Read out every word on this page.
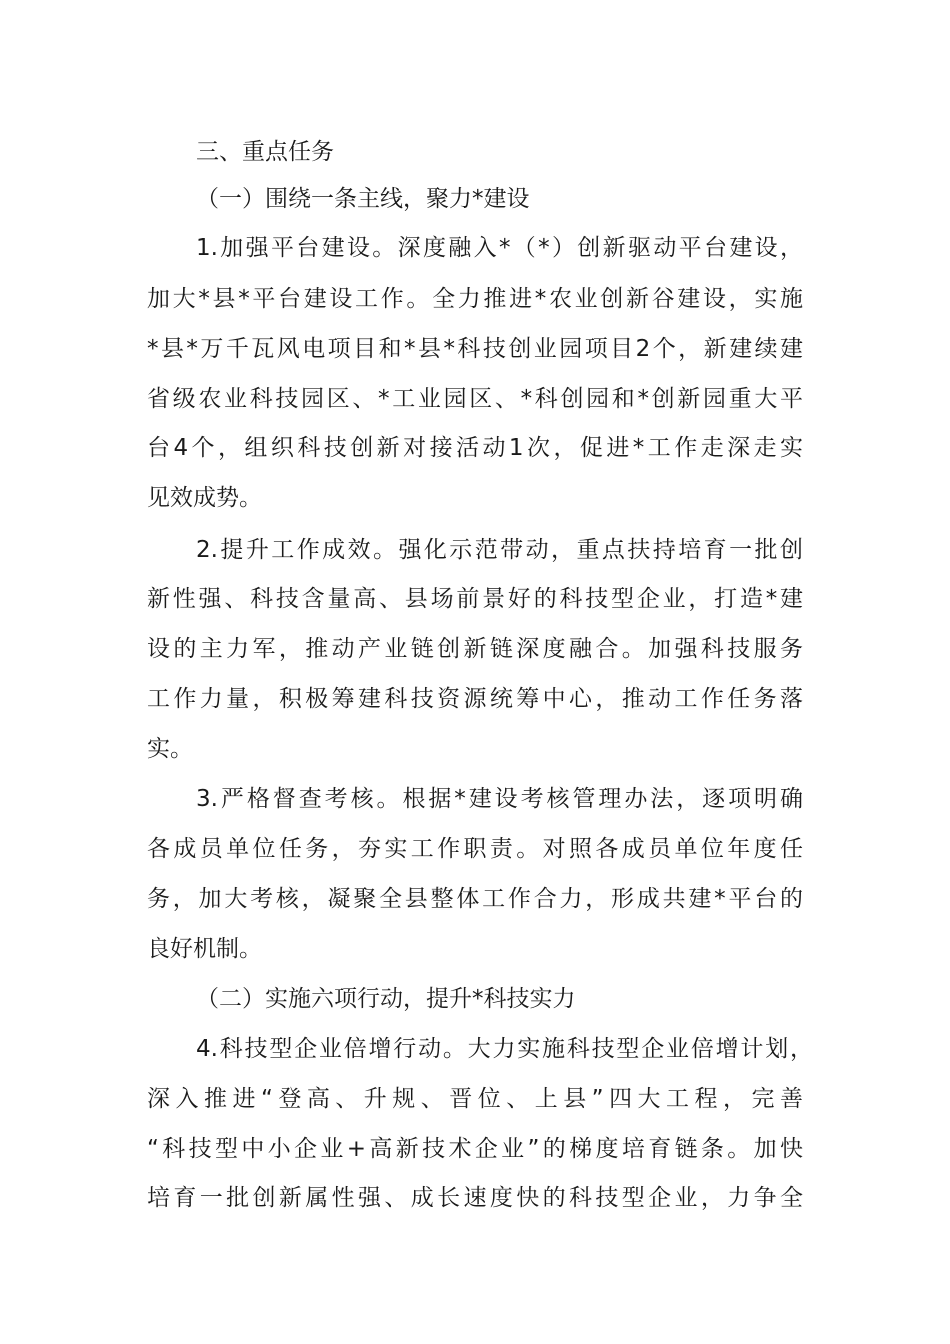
三、重点任务
（一）围绕一条主线，聚力*建设
1.加强平台建设。深度融入*（*）创新驱动平台建设，
加大*县*平台建设工作。全力推进*农业创新谷建设，实施
*县*万千瓦风电项目和*县*科技创业园项目2个，新建续建
省级农业科技园区、*工业园区、*科创园和*创新园重大平
台4个，组织科技创新对接活动1次，促进*工作走深走实
见效成势。
2.提升工作成效。强化示范带动，重点扶持培育一批创
新性强、科技含量高、县场前景好的科技型企业，打造*建
设的主力军，推动产业链创新链深度融合。加强科技服务
工作力量，积极筹建科技资源统筹中心，推动工作任务落
实。
3.严格督查考核。根据*建设考核管理办法，逐项明确
各成员单位任务，夯实工作职责。对照各成员单位年度任
务，加大考核，凝聚全县整体工作合力，形成共建*平台的
良好机制。
（二）实施六项行动，提升*科技实力
4.科技型企业倍增行动。大力实施科技型企业倍增计划，
深入推进“登高、升规、晋位、上县”四大工程，完善
“科技型中小企业+高新技术企业”的梯度培育链条。加快
培育一批创新属性强、成长速度快的科技型企业，力争全
